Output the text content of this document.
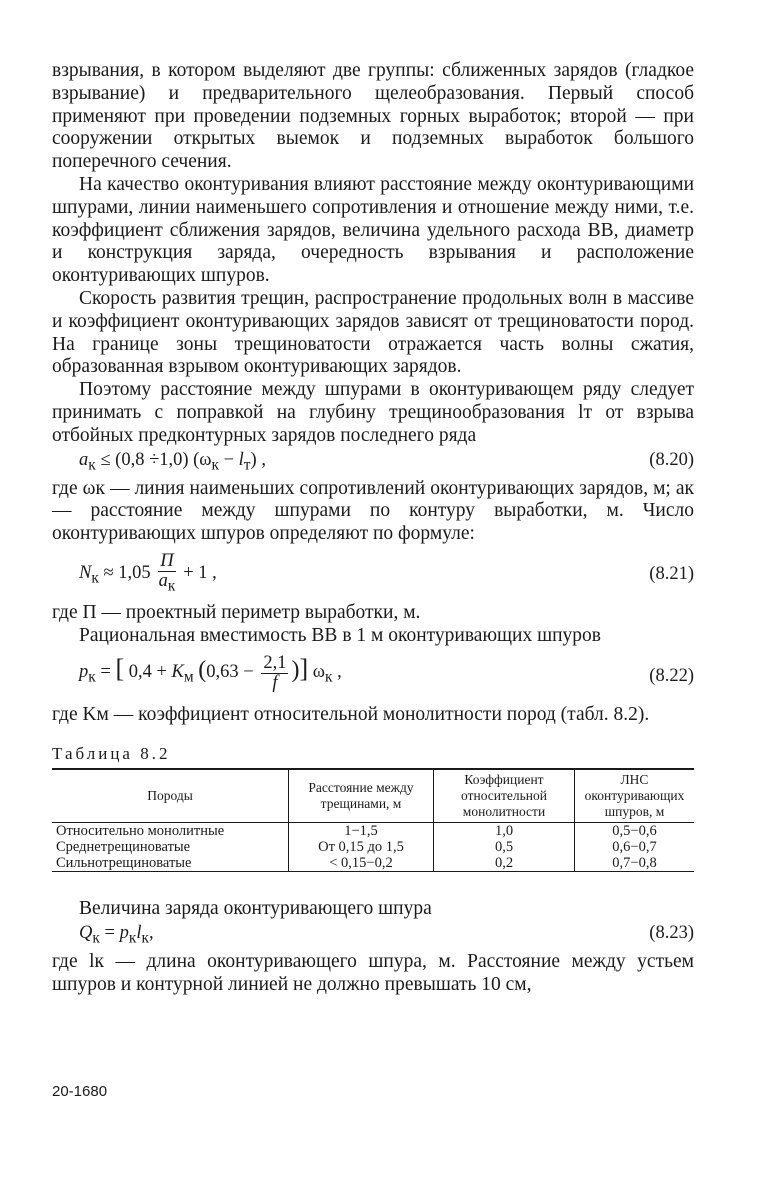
взрывания, в котором выделяют две группы: сближенных зарядов (гладкое взрывание) и предварительного щелеобразования. Первый способ применяют при проведении подземных горных выработок; второй — при сооружении открытых выемок и подземных выработок большого поперечного сечения.

На качество оконтуривания влияют расстояние между оконтуривающими шпурами, линии наименьшего сопротивления и отношение между ними, т.е. коэффициент сближения зарядов, величина удельного расхода ВВ, диаметр и конструкция заряда, очередность взрывания и расположение оконтуривающих шпуров.

Скорость развития трещин, распространение продольных волн в массиве и коэффициент оконтуривающих зарядов зависят от трещиноватости пород. На границе зоны трещиноватости отражается часть волны сжатия, образованная взрывом оконтуривающих зарядов.

Поэтому расстояние между шпурами в оконтуривающем ряду следует принимать с поправкой на глубину трещинообразования lт от взрыва отбойных предконтурных зарядов последнего ряда

$a_к \le (0,8 \div 1,0) (\omega_к - l_т)$ ,	(8.20)

где ωк — линия наименьших сопротивлений оконтуривающих зарядов, м; aк — расстояние между шпурами по контуру выработки, м. Число оконтуривающих шпуров определяют по формуле:

$N_к \approx 1,05 \frac{П}{a_к} + 1$ ,	(8.21)

где П — проектный периметр выработки, м.

Рациональная вместимость ВВ в 1 м оконтуривающих шпуров

$p_к$ = [ $0,4 + K_м$ ($0,63 - \frac{2,1}{f}$ )] $\omega_к$ ,	(8.22)

где Kм — коэффициент относительной монолитности пород (табл. 8.2).

Таблица 8.2
Породы	Расстояние между трещинами, м	Коэффициент относительной монолитности	ЛНС оконтуривающих шпуров, м
Относительно монолитные	1−1,5	1,0	0,5−0,6
Среднетрещиноватые	От 0,15 до 1,5	0,5	0,6−0,7
Сильнотрещиноватые	< 0,15−0,2	0,2	0,7−0,8

Величина заряда оконтуривающего шпура

$Q_к = p_кl_к$,	(8.23)

где lк — длина оконтуривающего шпура, м. Расстояние между устьем шпуров и контурной линией не должно превышать 10 см,

20-1680
